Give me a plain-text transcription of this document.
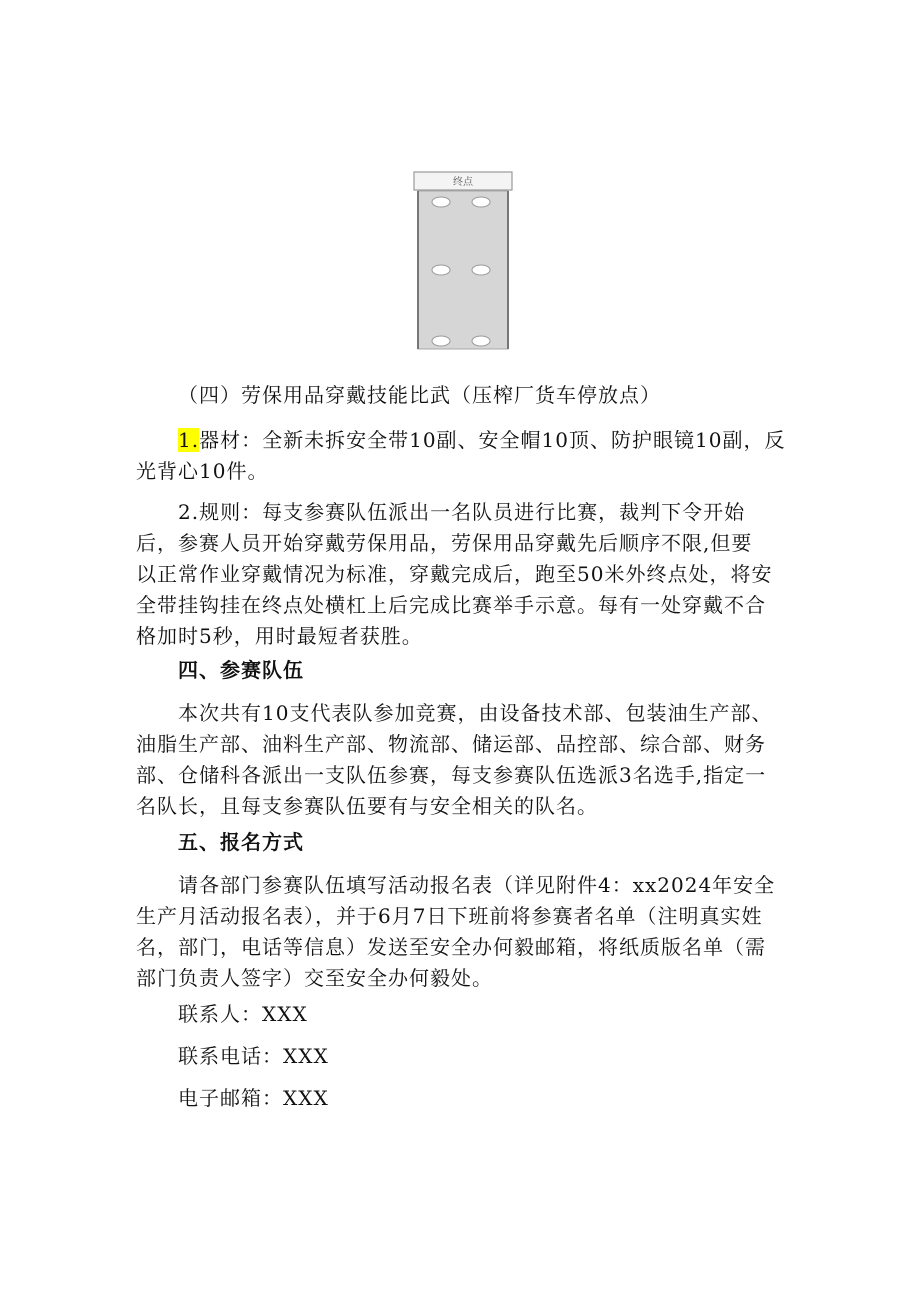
终点

（四）劳保用品穿戴技能比武（压榨厂货车停放点）

1.器材：全新未拆安全带10副、安全帽10顶、防护眼镜10副，反
光背心10件。

2.规则：每支参赛队伍派出一名队员进行比赛，裁判下令开始
后，参赛人员开始穿戴劳保用品，劳保用品穿戴先后顺序不限,但要
以正常作业穿戴情况为标准，穿戴完成后，跑至50米外终点处，将安
全带挂钩挂在终点处横杠上后完成比赛举手示意。每有一处穿戴不合
格加时5秒，用时最短者获胜。

四、参赛队伍

本次共有10支代表队参加竞赛，由设备技术部、包装油生产部、
油脂生产部、油料生产部、物流部、储运部、品控部、综合部、财务
部、仓储科各派出一支队伍参赛，每支参赛队伍选派3名选手,指定一
名队长，且每支参赛队伍要有与安全相关的队名。

五、报名方式

请各部门参赛队伍填写活动报名表（详见附件4：xx2024年安全
生产月活动报名表），并于6月7日下班前将参赛者名单（注明真实姓
名，部门，电话等信息）发送至安全办何毅邮箱，将纸质版名单（需
部门负责人签字）交至安全办何毅处。

联系人：XXX

联系电话：XXX

电子邮箱：XXX
